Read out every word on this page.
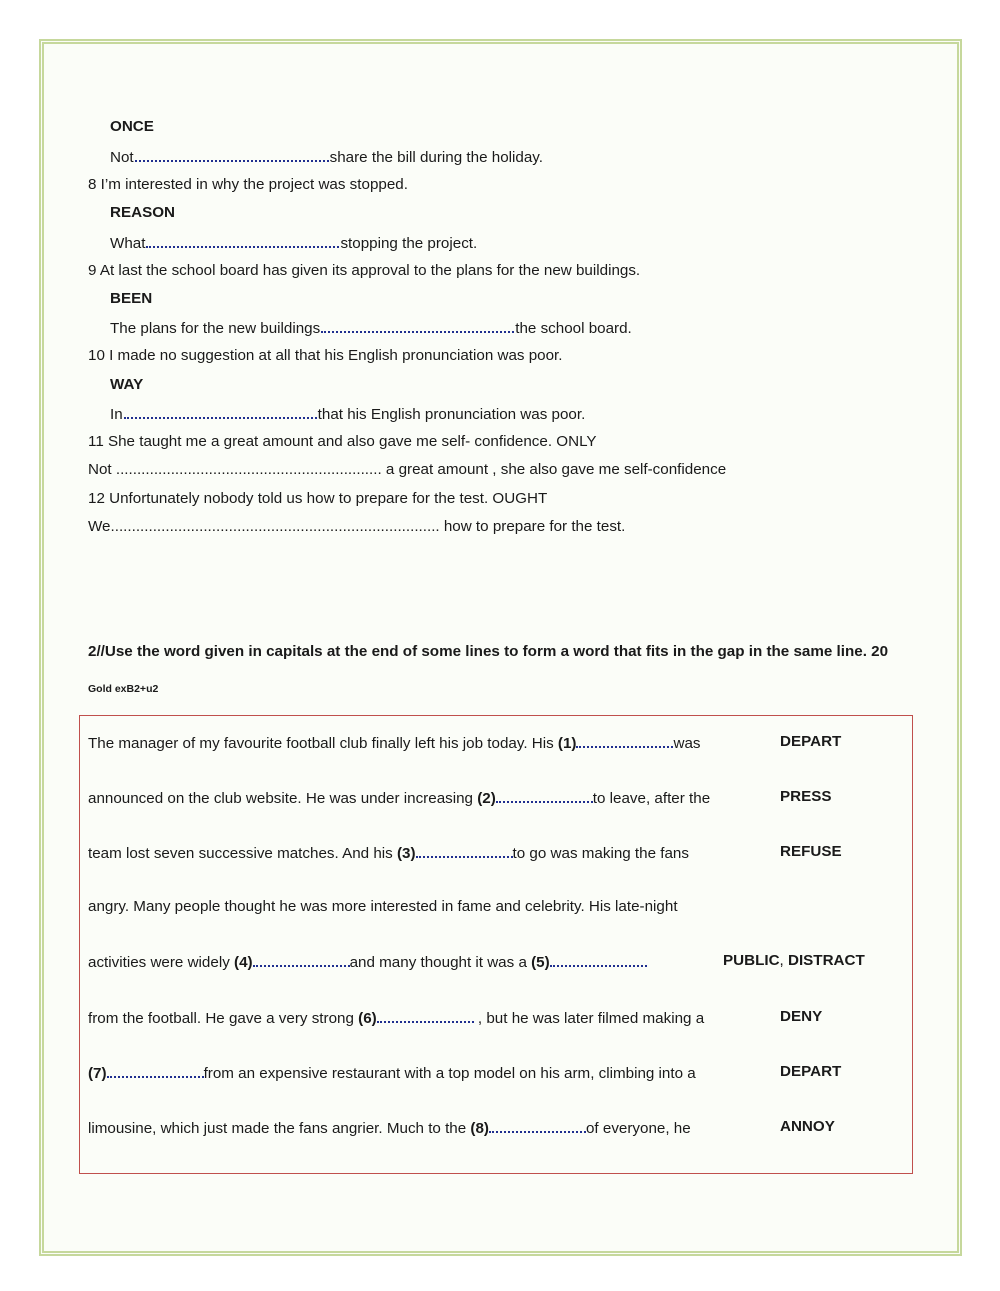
ONCE
Not	share the bill during the holiday.
8 I’m interested in why the project was stopped.
REASON
What	stopping the project.
9 At last the school board has given its approval to the plans for the new buildings.
BEEN
The plans for the new buildings	the school board.
10 I made no suggestion at all that his English pronunciation was poor.
WAY
In	that his English pronunciation was poor.
11 She taught me a great amount and also gave me self- confidence. ONLY
Not ............................................................... a great amount , she also gave me self-confidence
12 Unfortunately nobody told us how to prepare for the test. OUGHT
We.............................................................................. how to prepare for the test.
2//Use the word given in capitals at the end of some lines to form a word that fits in the gap in the same line. 20
Gold exB2+u2
The manager of my favourite football club finally left his job today. His (1)	was	DEPART
announced on the club website. He was under increasing (2)	to leave, after the	PRESS
team lost seven successive matches. And his (3)	to go was making the fans	REFUSE
angry. Many people thought he was more interested in fame and celebrity. His late-night
activities were widely (4)	and many thought it was a (5)	PUBLIC, DISTRACT
from the football. He gave a very strong (6)	, but he was later filmed making a	DENY
(7)	from an expensive restaurant with a top model on his arm, climbing into a	DEPART
limousine, which just made the fans angrier. Much to the (8)	of everyone, he	ANNOY
